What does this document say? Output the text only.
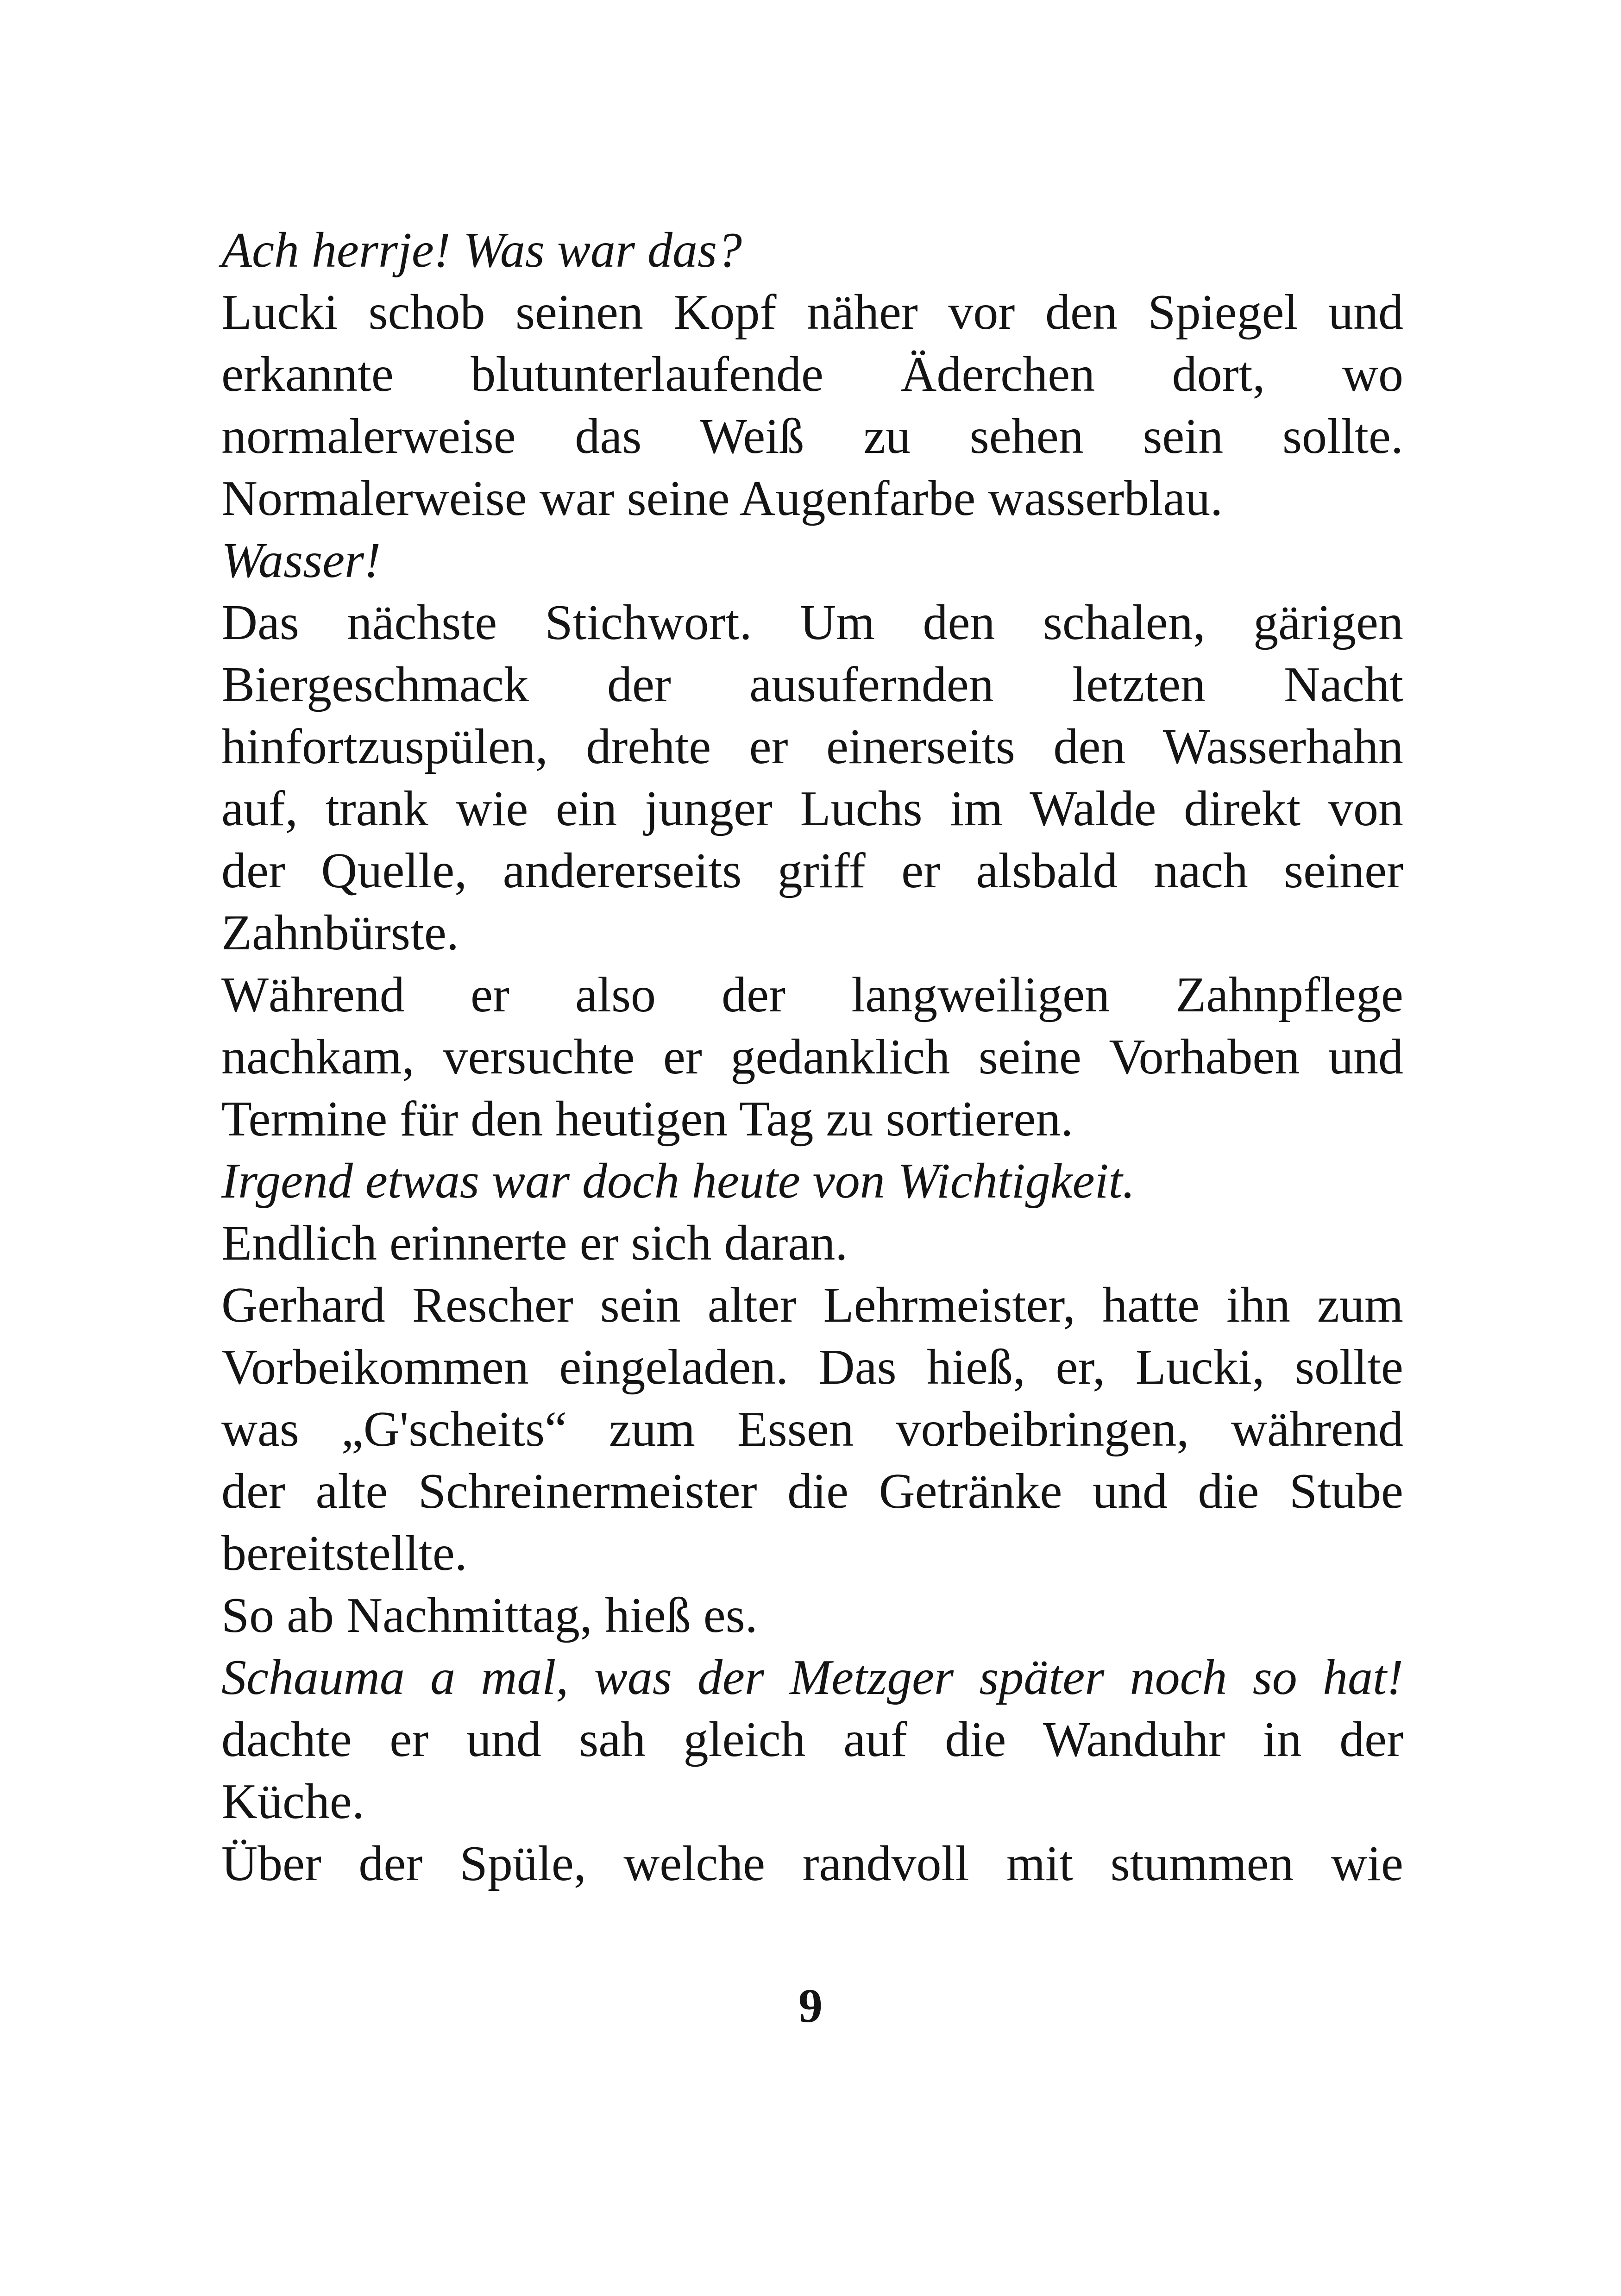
Ach herrje! Was war das?
Lucki schob seinen Kopf näher vor den Spiegel und
erkannte blutunterlaufende Äderchen dort, wo
normalerweise das Weiß zu sehen sein sollte.
Normalerweise war seine Augenfarbe wasserblau.
Wasser!
Das nächste Stichwort. Um den schalen, gärigen
Biergeschmack der ausufernden letzten Nacht
hinfortzuspülen, drehte er einerseits den Wasserhahn
auf, trank wie ein junger Luchs im Walde direkt von
der Quelle, andererseits griff er alsbald nach seiner
Zahnbürste.
Während er also der langweiligen Zahnpflege
nachkam, versuchte er gedanklich seine Vorhaben und
Termine für den heutigen Tag zu sortieren.
Irgend etwas war doch heute von Wichtigkeit.
Endlich erinnerte er sich daran.
Gerhard Rescher sein alter Lehrmeister, hatte ihn zum
Vorbeikommen eingeladen. Das hieß, er, Lucki, sollte
was „G'scheits“ zum Essen vorbeibringen, während
der alte Schreinermeister die Getränke und die Stube
bereitstellte.
So ab Nachmittag, hieß es.
Schauma a mal, was der Metzger später noch so hat!
dachte er und sah gleich auf die Wanduhr in der
Küche.
Über der Spüle, welche randvoll mit stummen wie
9
